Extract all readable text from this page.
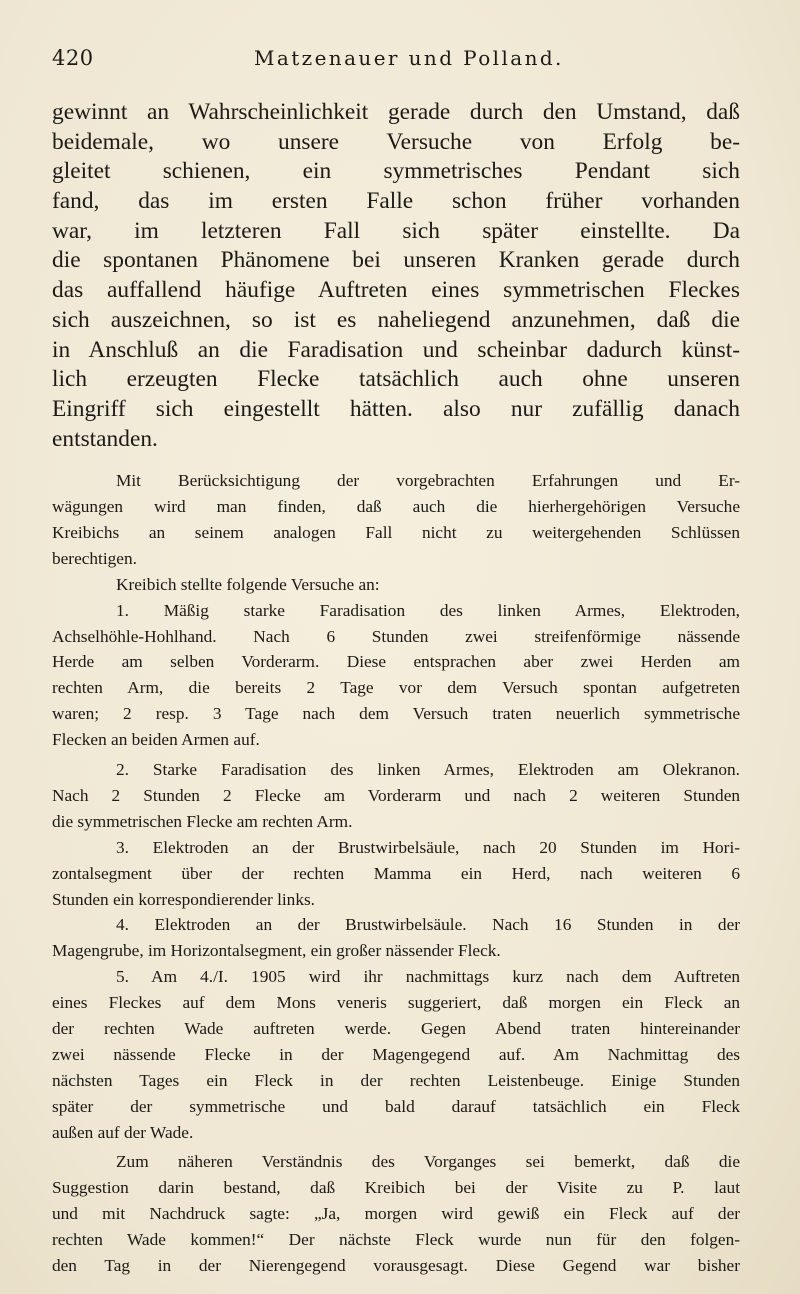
420	Matzenauer und Polland.
gewinnt an Wahrscheinlichkeit gerade durch den Umstand, daß
beidemale, wo unsere Versuche von Erfolg be-
gleitet schienen, ein symmetrisches Pendant sich
fand, das im ersten Falle schon früher vorhanden
war, im letzteren Fall sich später einstellte. Da
die spontanen Phänomene bei unseren Kranken gerade durch
das auffallend häufige Auftreten eines symmetrischen Fleckes
sich auszeichnen, so ist es naheliegend anzunehmen, daß die
in Anschluß an die Faradisation und scheinbar dadurch künst-
lich erzeugten Flecke tatsächlich auch ohne unseren
Eingriff sich eingestellt hätten. also nur zufällig danach
entstanden.
Mit Berücksichtigung der vorgebrachten Erfahrungen und Er-
wägungen wird man finden, daß auch die hierhergehörigen Versuche
Kreibichs an seinem analogen Fall nicht zu weitergehenden Schlüssen
berechtigen.
Kreibich stellte folgende Versuche an:
1. Mäßig starke Faradisation des linken Armes, Elektroden,
Achselhöhle-Hohlhand. Nach 6 Stunden zwei streifenförmige nässende
Herde am selben Vorderarm. Diese entsprachen aber zwei Herden am
rechten Arm, die bereits 2 Tage vor dem Versuch spontan aufgetreten
waren; 2 resp. 3 Tage nach dem Versuch traten neuerlich symmetrische
Flecken an beiden Armen auf.
2. Starke Faradisation des linken Armes, Elektroden am Olekranon.
Nach 2 Stunden 2 Flecke am Vorderarm und nach 2 weiteren Stunden
die symmetrischen Flecke am rechten Arm.
3. Elektroden an der Brustwirbelsäule, nach 20 Stunden im Hori-
zontalsegment über der rechten Mamma ein Herd, nach weiteren 6
Stunden ein korrespondierender links.
4. Elektroden an der Brustwirbelsäule. Nach 16 Stunden in der
Magengrube, im Horizontalsegment, ein großer nässender Fleck.
5. Am 4./I. 1905 wird ihr nachmittags kurz nach dem Auftreten
eines Fleckes auf dem Mons veneris suggeriert, daß morgen ein Fleck an
der rechten Wade auftreten werde. Gegen Abend traten hintereinander
zwei nässende Flecke in der Magengegend auf. Am Nachmittag des
nächsten Tages ein Fleck in der rechten Leistenbeuge. Einige Stunden
später der symmetrische und bald darauf tatsächlich ein Fleck
außen auf der Wade.
Zum näheren Verständnis des Vorganges sei bemerkt, daß die
Suggestion darin bestand, daß Kreibich bei der Visite zu P. laut
und mit Nachdruck sagte: „Ja, morgen wird gewiß ein Fleck auf der
rechten Wade kommen!“ Der nächste Fleck wurde nun für den folgen-
den Tag in der Nierengegend vorausgesagt. Diese Gegend war bisher
